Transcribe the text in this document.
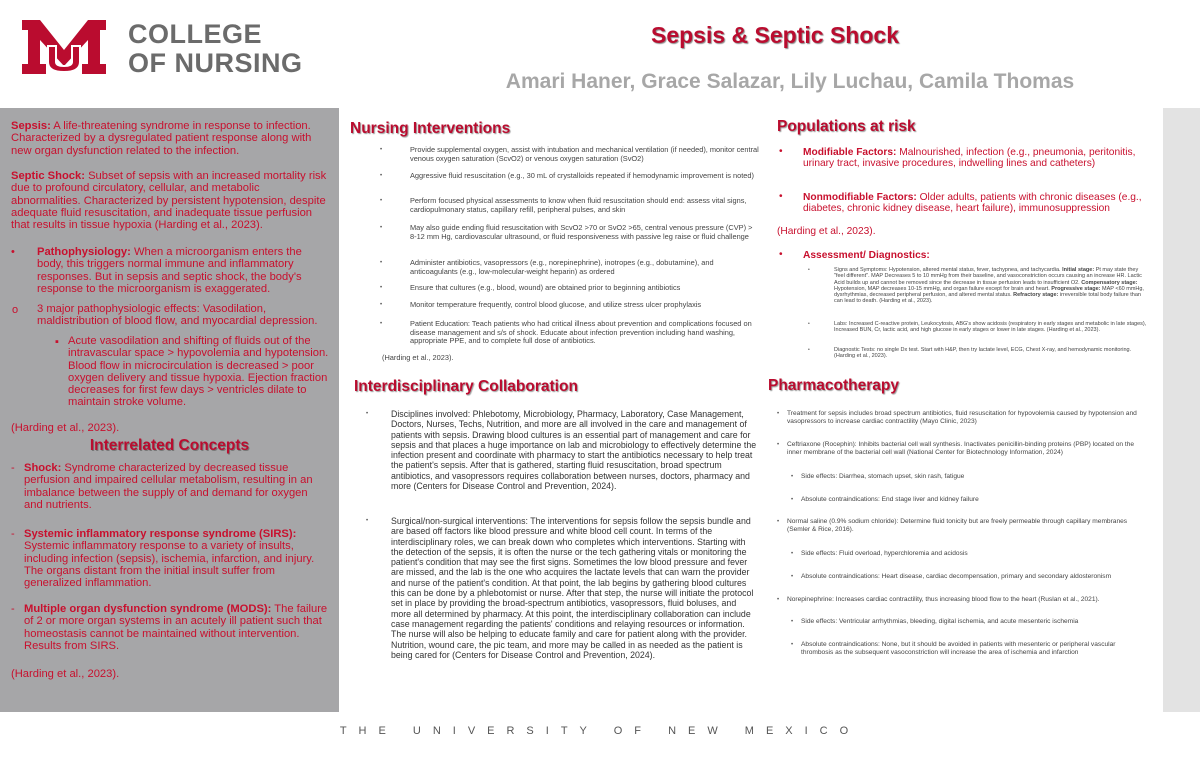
COLLEGE
OF NURSING
Sepsis & Septic Shock
Amari Haner, Grace Salazar, Lily Luchau, Camila Thomas
Sepsis: A life-threatening syndrome in response to infection. Characterized by a dysregulated patient response along with new organ dysfunction related to the infection.
Septic Shock: Subset of sepsis with an increased mortality risk due to profound circulatory, cellular, and metabolic abnormalities. Characterized by persistent hypotension, despite adequate fluid resuscitation, and inadequate tissue perfusion that results in tissue hypoxia (Harding et al., 2023).
• Pathophysiology: When a microorganism enters the body, this triggers normal immune and inflammatory responses. But in sepsis and septic shock, the body's response to the microorganism is exaggerated.
o 3 major pathophysiologic effects: Vasodilation, maldistribution of blood flow, and myocardial depression.
▪ Acute vasodilation and shifting of fluids out of the intravascular space > hypovolemia and hypotension. Blood flow in microcirculation is decreased > poor oxygen delivery and tissue hypoxia. Ejection fraction decreases for first few days > ventricles dilate to maintain stroke volume.
(Harding et al., 2023).
Interrelated Concepts
- Shock: Syndrome characterized by decreased tissue perfusion and impaired cellular metabolism, resulting in an imbalance between the supply of and demand for oxygen and nutrients.
- Systemic inflammatory response syndrome (SIRS): Systemic inflammatory response to a variety of insults, including infection (sepsis), ischemia, infarction, and injury. The organs distant from the initial insult suffer from generalized inflammation.
- Multiple organ dysfunction syndrome (MODS): The failure of 2 or more organ systems in an acutely ill patient such that homeostasis cannot be maintained without intervention. Results from SIRS.
(Harding et al., 2023).
Nursing Interventions
•	Provide supplemental oxygen, assist with intubation and mechanical ventilation (if needed), monitor central venous oxygen saturation (ScvO2) or venous oxygen saturation (SvO2)
•	Aggressive fluid resuscitation (e.g., 30 mL of crystalloids repeated if hemodynamic improvement is noted)
•	Perform focused physical assessments to know when fluid resuscitation should end: assess vital signs, cardiopulmonary status, capillary refill, peripheral pulses, and skin
•	May also guide ending fluid resuscitation with ScvO2 >70 or SvO2 >65, central venous pressure (CVP) > 8-12 mm Hg, cardiovascular ultrasound, or fluid responsiveness with passive leg raise or fluid challenge
•	Administer antibiotics, vasopressors (e.g., norepinephrine), inotropes (e.g., dobutamine), and anticoagulants (e.g., low-molecular-weight heparin) as ordered
•	Ensure that cultures (e.g., blood, wound) are obtained prior to beginning antibiotics
•	Monitor temperature frequently, control blood glucose, and utilize stress ulcer prophylaxis
•	Patient Education: Teach patients who had critical illness about prevention and complications focused on disease management and s/s of shock. Educate about infection prevention including hand washing, appropriate PPE, and to complete full dose of antibiotics.
(Harding et al., 2023).
Interdisciplinary Collaboration
•	Disciplines involved: Phlebotomy, Microbiology, Pharmacy, Laboratory, Case Management, Doctors, Nurses, Techs, Nutrition, and more are all involved in the care and management of patients with sepsis. Drawing blood cultures is an essential part of management and care for sepsis and that places a huge importance on lab and microbiology to effectively determine the infection present and coordinate with pharmacy to start the antibiotics necessary to help treat the patient's sepsis. After that is gathered, starting fluid resuscitation, broad spectrum antibiotics, and vasopressors requires collaboration between nurses, doctors, pharmacy and more (Centers for Disease Control and Prevention, 2024).
•	Surgical/non-surgical interventions: The interventions for sepsis follow the sepsis bundle and are based off factors like blood pressure and white blood cell count. In terms of the interdisciplinary roles, we can break down who completes which interventions. Starting with the detection of the sepsis, it is often the nurse or the tech gathering vitals or monitoring the patient's condition that may see the first signs. Sometimes the low blood pressure and fever are missed, and the lab is the one who acquires the lactate levels that can warn the provider and nurse of the patient's condition. At that point, the lab begins by gathering blood cultures this can be done by a phlebotomist or nurse. After that step, the nurse will initiate the protocol set in place by providing the broad-spectrum antibiotics, vasopressors, fluid boluses, and more all determined by pharmacy. At this point, the interdisciplinary collaboration can include case management regarding the patients' conditions and relaying resources or information. The nurse will also be helping to educate family and care for patient along with the provider. Nutrition, wound care, the pic team, and more may be called in as needed as the patient is being cared for (Centers for Disease Control and Prevention, 2024).
Populations at risk
• Modifiable Factors: Malnourished, infection (e.g., pneumonia, peritonitis, urinary tract, invasive procedures, indwelling lines and catheters)
• Nonmodifiable Factors: Older adults, patients with chronic diseases (e.g., diabetes, chronic kidney disease, heart failure), immunosuppression
(Harding et al., 2023).
• Assessment/ Diagnostics:
•	Signs and Symptoms: Hypotension, altered mental status, fever, tachypnea, and tachycardia. Initial stage: Pt may state they "feel different". MAP Decreases 5 to 10 mmHg from their baseline, and vasoconstriction occurs causing an increase HR. Lactic Acid builds up and cannot be removed since the decrease in tissue perfusion leads to insufficient O2. Compensatory stage: Hypotension, MAP decreases 10-15 mmHg, and organ failure except for brain and heart. Progressive stage: MAP <60 mmHg, dysrhythmias, decreased peripheral perfusion, and altered mental status. Refractory stage: irreversible total body failure than can lead to death. (Harding et al., 2023).
•	Labs: Increased C-reactive protein, Leukocytosis, ABG's show acidosis (respiratory in early stages and metabolic in late stages), Increased BUN, Cr, lactic acid, and high glucose in early stages or lower in late stages. (Harding et al., 2023).
•	Diagnostic Tests: no single Dx test. Start with H&P, then try lactate level, ECG, Chest X-ray, and hemodynamic monitoring. (Harding et al., 2023).
Pharmacotherapy
• Treatment for sepsis includes broad spectrum antibiotics, fluid resuscitation for hypovolemia caused by hypotension and vasopressors to increase cardiac contractility (Mayo Clinic, 2023)
• Ceftriaxone (Rocephin): Inhibits bacterial cell wall synthesis. Inactivates penicillin-binding proteins (PBP) located on the inner membrane of the bacterial cell wall (National Center for Biotechnology Information, 2024)
• Side effects: Diarrhea, stomach upset, skin rash, fatigue
• Absolute contraindications: End stage liver and kidney failure
• Normal saline (0.9% sodium chloride): Determine fluid tonicity but are freely permeable through capillary membranes (Semler & Rice, 2016).
• Side effects: Fluid overload, hyperchloremia and acidosis
• Absolute contraindications: Heart disease, cardiac decompensation, primary and secondary aldosteronism
• Norepinephrine: Increases cardiac contractility, thus increasing blood flow to the heart (Ruslan et al., 2021).
• Side effects: Ventricular arrhythmias, bleeding, digital ischemia, and acute mesenteric ischemia
• Absolute contraindications: None, but it should be avoided in patients with mesenteric or peripheral vascular thrombosis as the subsequent vasoconstriction will increase the area of ischemia and infarction
THE UNIVERSITY OF NEW MEXICO
